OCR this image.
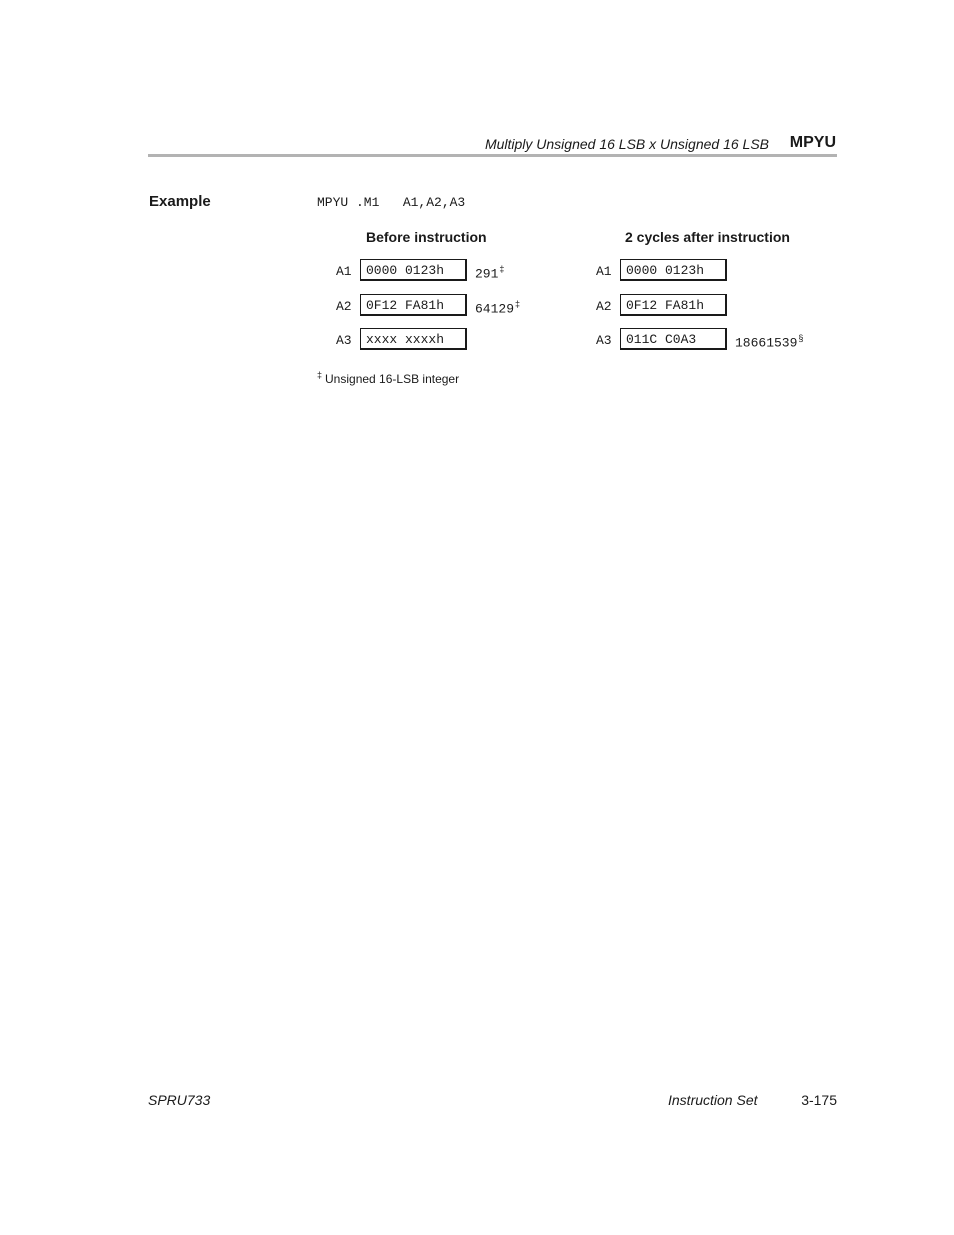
Multiply Unsigned 16 LSB x Unsigned 16 LSB MPYU
Example	MPYU .M1   A1,A2,A3
Before instruction	2 cycles after instruction
A1	0000 0123h	291‡
A2	0F12 FA81h	64129‡
A3	xxxx xxxxh
A1	0000 0123h
A2	0F12 FA81h
A3	011C C0A3	18661539§
‡ Unsigned 16-LSB integer
SPRU733	Instruction Set	3-175
